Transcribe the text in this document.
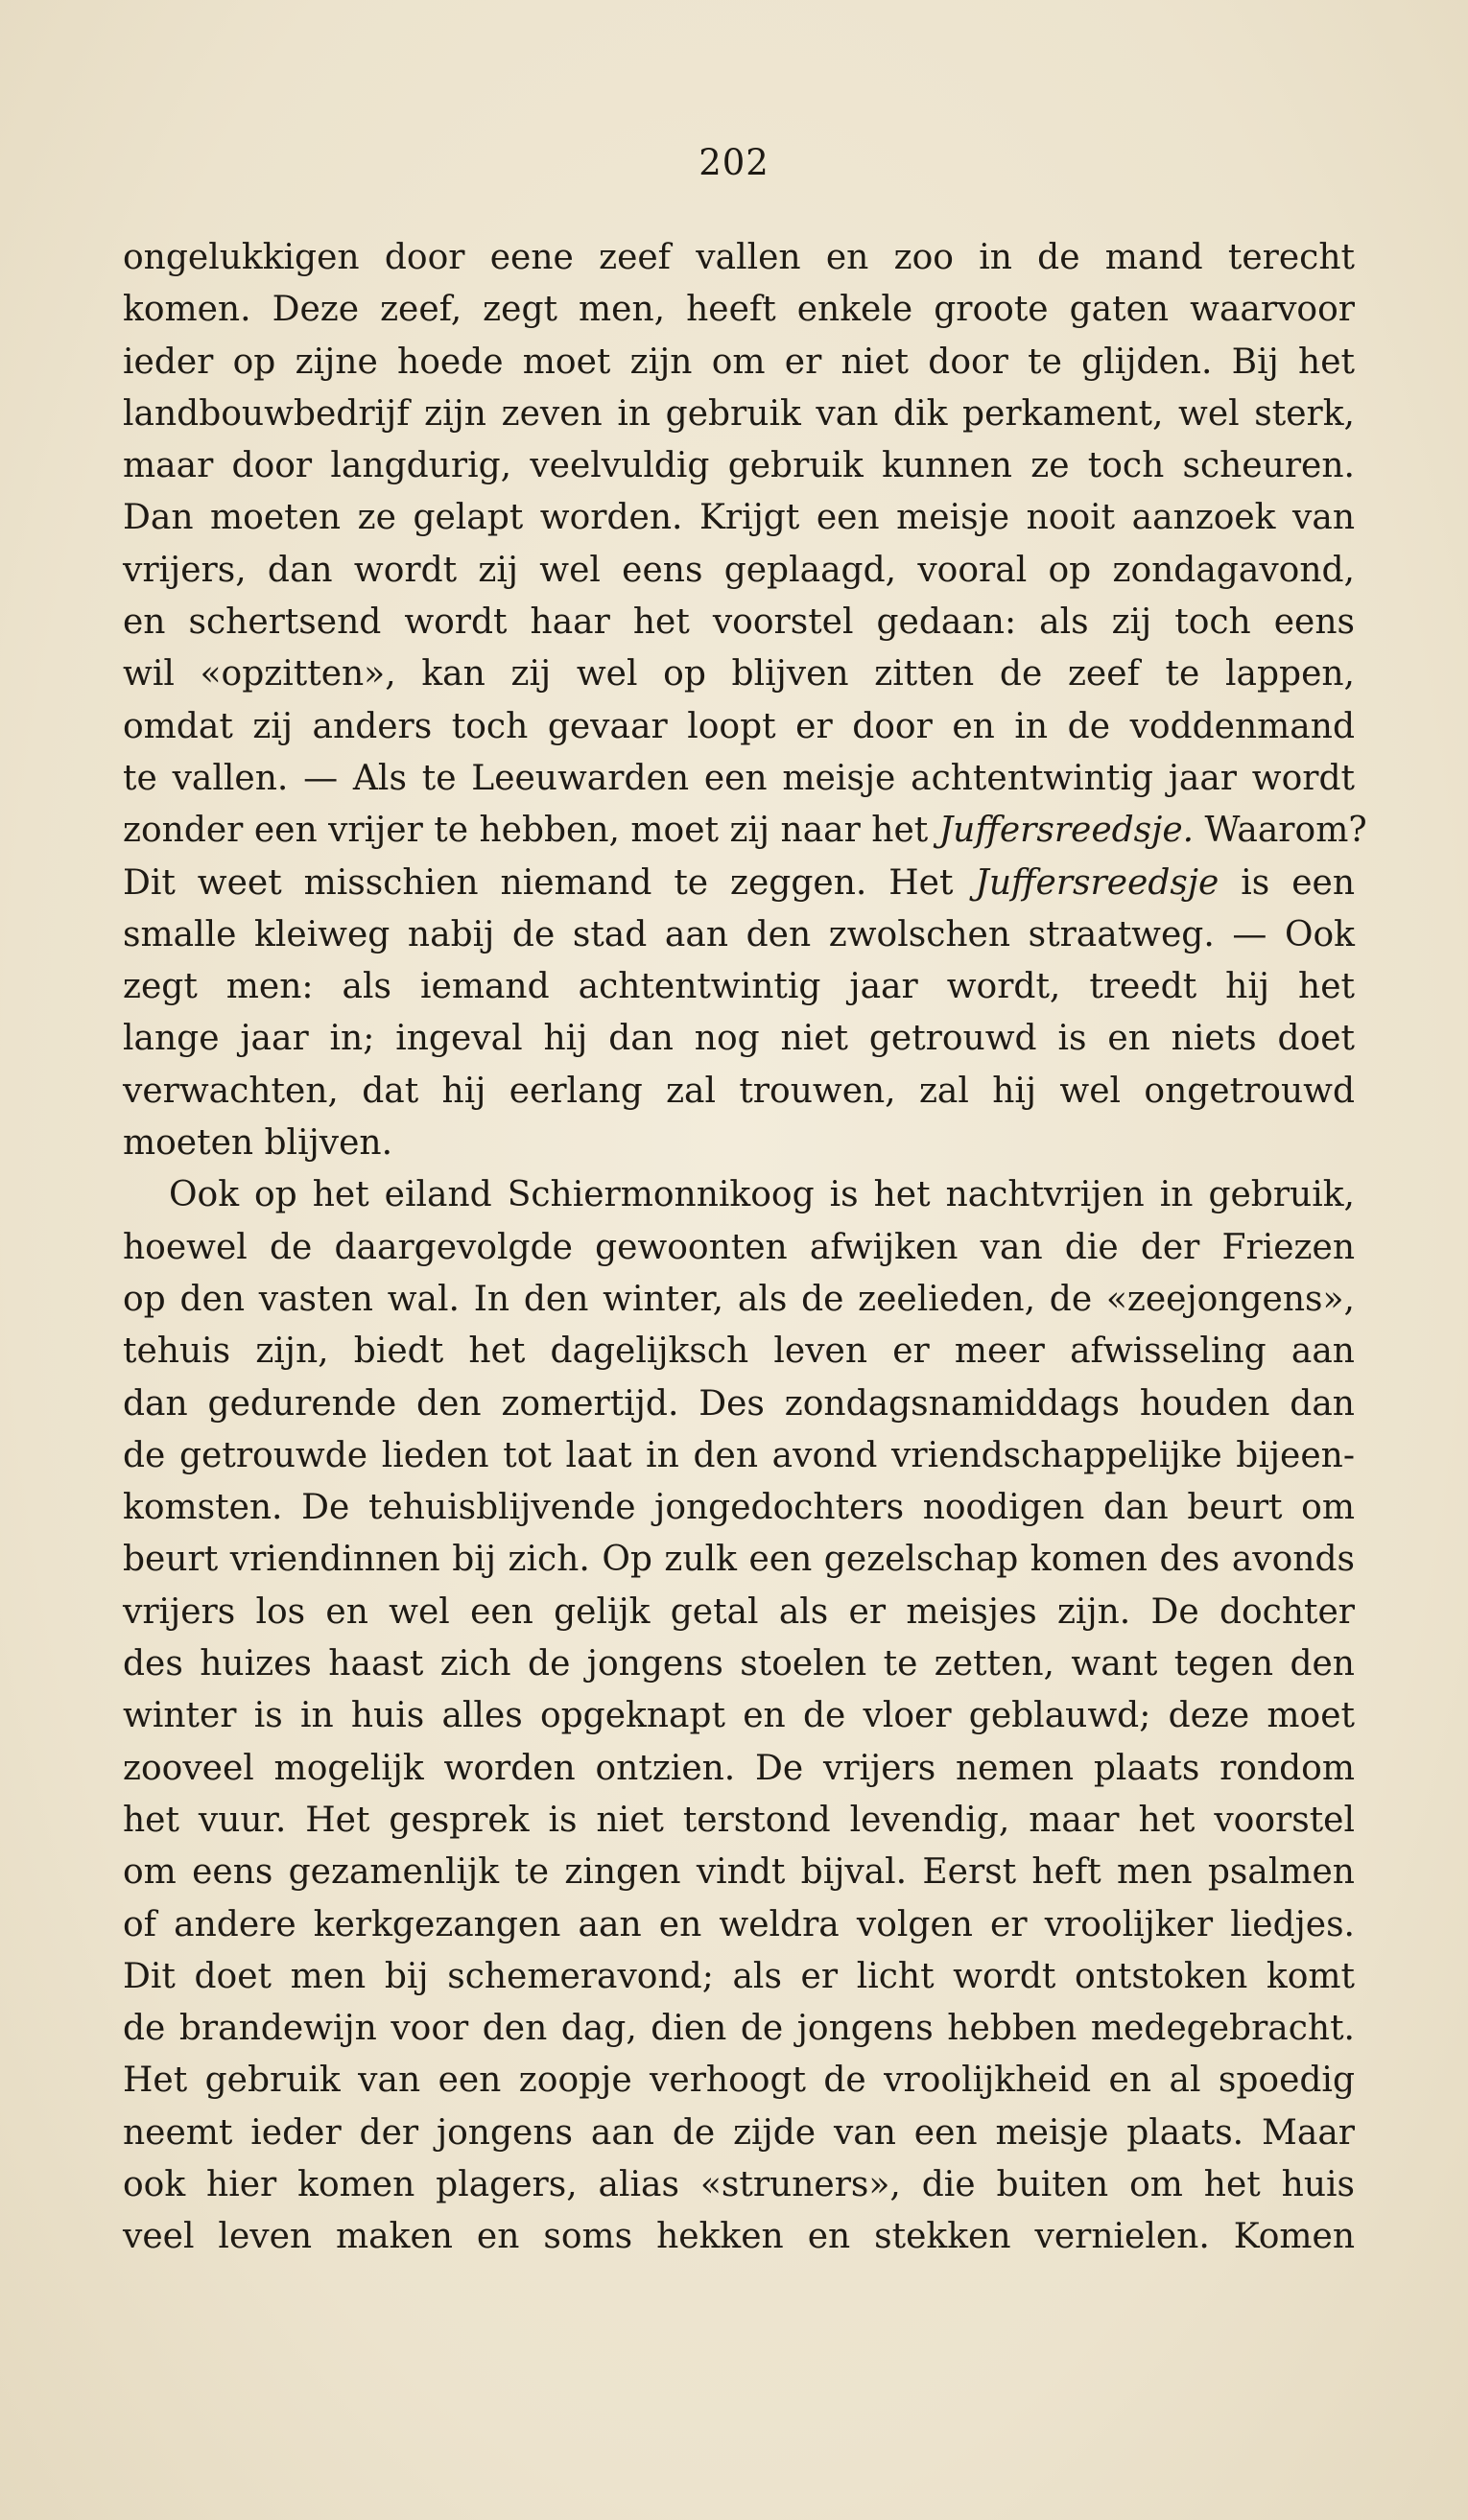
202
ongelukkigen door eene zeef vallen en zoo in de mand terecht
komen. Deze zeef, zegt men, heeft enkele groote gaten waarvoor
ieder op zijne hoede moet zijn om er niet door te glijden. Bij het
landbouwbedrijf zijn zeven in gebruik van dik perkament, wel sterk,
maar door langdurig, veelvuldig gebruik kunnen ze toch scheuren.
Dan moeten ze gelapt worden. Krijgt een meisje nooit aanzoek van
vrijers, dan wordt zij wel eens geplaagd, vooral op zondagavond,
en schertsend wordt haar het voorstel gedaan: als zij toch eens
wil «opzitten», kan zij wel op blijven zitten de zeef te lappen,
omdat zij anders toch gevaar loopt er door en in de voddenmand
te vallen. — Als te Leeuwarden een meisje achtentwintig jaar wordt
zonder een vrijer te hebben, moet zij naar het Juffersreedsje. Waarom?
Dit weet misschien niemand te zeggen. Het Juffersreedsje is een
smalle kleiweg nabij de stad aan den zwolschen straatweg. — Ook
zegt men: als iemand achtentwintig jaar wordt, treedt hij het
lange jaar in; ingeval hij dan nog niet getrouwd is en niets doet
verwachten, dat hij eerlang zal trouwen, zal hij wel ongetrouwd
moeten blijven.
Ook op het eiland Schiermonnikoog is het nachtvrijen in gebruik,
hoewel de daargevolgde gewoonten afwijken van die der Friezen
op den vasten wal. In den winter, als de zeelieden, de «zeejongens»,
tehuis zijn, biedt het dagelijksch leven er meer afwisseling aan
dan gedurende den zomertijd. Des zondagsnamiddags houden dan
de getrouwde lieden tot laat in den avond vriendschappelijke bijeen-
komsten. De tehuisblijvende jongedochters noodigen dan beurt om
beurt vriendinnen bij zich. Op zulk een gezelschap komen des avonds
vrijers los en wel een gelijk getal als er meisjes zijn. De dochter
des huizes haast zich de jongens stoelen te zetten, want tegen den
winter is in huis alles opgeknapt en de vloer geblauwd; deze moet
zooveel mogelijk worden ontzien. De vrijers nemen plaats rondom
het vuur. Het gesprek is niet terstond levendig, maar het voorstel
om eens gezamenlijk te zingen vindt bijval. Eerst heft men psalmen
of andere kerkgezangen aan en weldra volgen er vroolijker liedjes.
Dit doet men bij schemeravond; als er licht wordt ontstoken komt
de brandewijn voor den dag, dien de jongens hebben medegebracht.
Het gebruik van een zoopje verhoogt de vroolijkheid en al spoedig
neemt ieder der jongens aan de zijde van een meisje plaats. Maar
ook hier komen plagers, alias «struners», die buiten om het huis
veel leven maken en soms hekken en stekken vernielen. Komen
